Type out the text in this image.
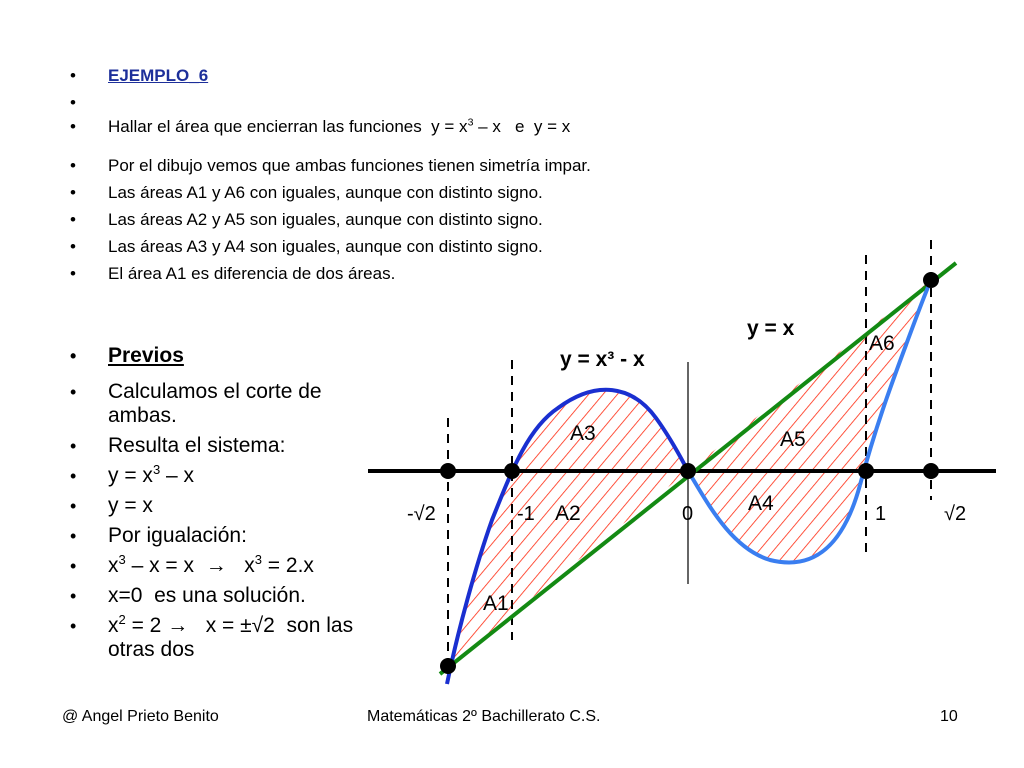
• EJEMPLO_6
•
• Hallar el área que encierran las funciones  $y = x^3 - x$   e  y = x
• Por el dibujo vemos que ambas funciones tienen simetría impar.
• Las áreas A1 y A6 con iguales, aunque con distinto signo.
• Las áreas A2 y A5 son iguales, aunque con distinto signo.
• Las áreas A3 y A4 son iguales, aunque con distinto signo.
• El área A1 es diferencia de dos áreas.
• Previos
• Calculamos el corte de ambas.
• Resulta el sistema:
• $y = x^3 - x$
• y = x
• Por igualación:
• $x^3 - x = x \to x^3 = 2.x$
• x=0  es una solución.
• $x^2 = 2 \to x = \pm√2$  son las otras dos
y = x
y = x³ - x
-√2	-1	0	1	√2
A1
A2
A3
A4
A5
A6
@ Angel Prieto Benito	Matemáticas 2º Bachillerato C.S.	10
